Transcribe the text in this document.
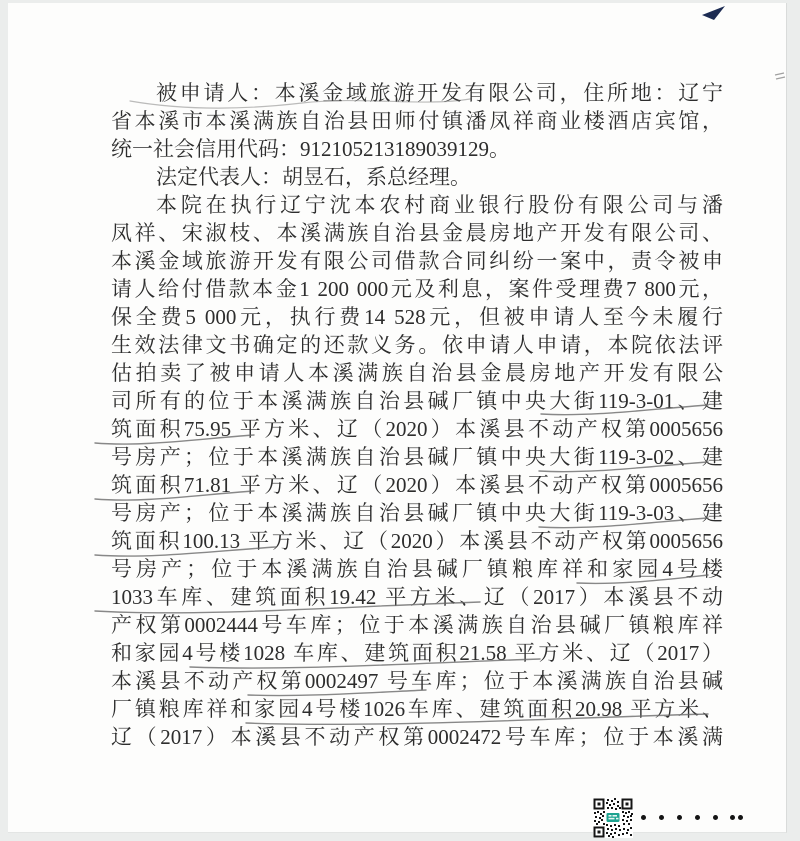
被申请人：本溪金域旅游开发有限公司，住所地：辽宁
省本溪市本溪满族自治县田师付镇潘凤祥商业楼酒店宾馆，
统一社会信用代码：912105213189039129。
法定代表人：胡昱石，系总经理。
本院在执行辽宁沈本农村商业银行股份有限公司与潘
凤祥、宋淑枝、本溪满族自治县金晨房地产开发有限公司、
本溪金域旅游开发有限公司借款合同纠纷一案中，责令被申
请人给付借款本金1 200 000元及利息，案件受理费7 800元，
保全费5 000元，执行费14 528元，但被申请人至今未履行
生效法律文书确定的还款义务。依申请人申请，本院依法评
估拍卖了被申请人本溪满族自治县金晨房地产开发有限公
司所有的位于本溪满族自治县碱厂镇中央大街119-3-01、建
筑面积75.95 平方米、辽（2020）本溪县不动产权第0005656
号房产；位于本溪满族自治县碱厂镇中央大街119-3-02、建
筑面积71.81 平方米、辽（2020）本溪县不动产权第0005656
号房产；位于本溪满族自治县碱厂镇中央大街119-3-03、建
筑面积100.13 平方米、辽（2020）本溪县不动产权第0005656
号房产；位于本溪满族自治县碱厂镇粮库祥和家园4号楼
1033车库、建筑面积19.42 平方米、辽（2017）本溪县不动
产权第0002444号车库；位于本溪满族自治县碱厂镇粮库祥
和家园4号楼1028 车库、建筑面积21.58 平方米、辽（2017）
本溪县不动产权第0002497 号车库；位于本溪满族自治县碱
厂镇粮库祥和家园4号楼1026车库、建筑面积20.98 平方米、
辽（2017）本溪县不动产权第0002472号车库；位于本溪满
